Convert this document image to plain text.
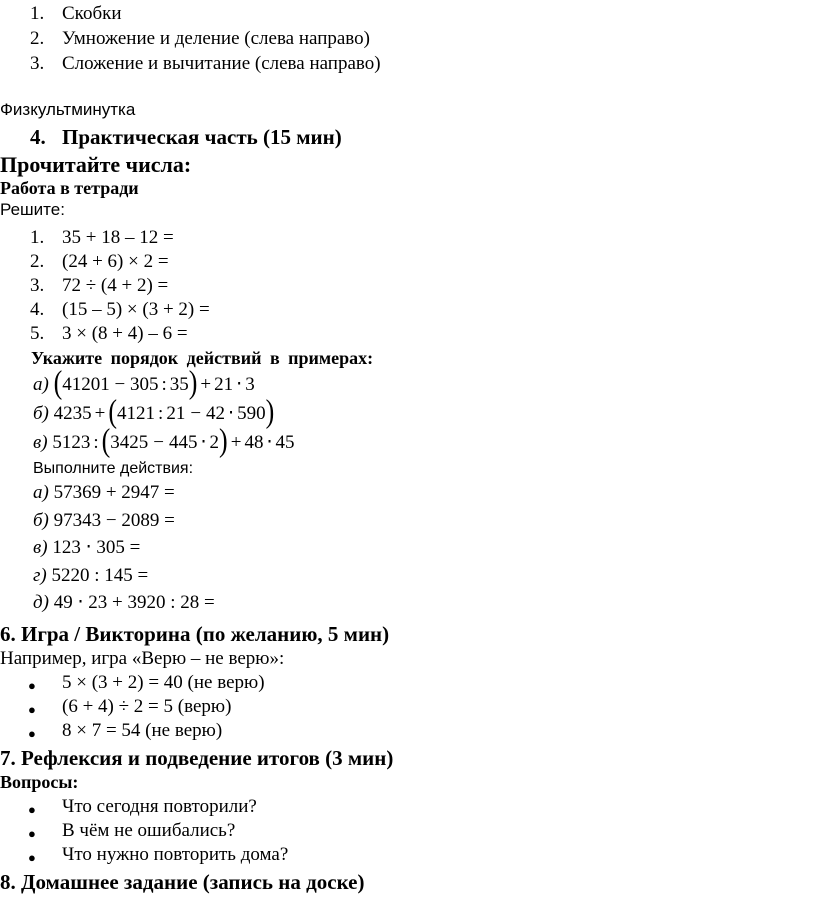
1. Скобки
2. Умножение и деление (слева направо)
3. Сложение и вычитание (слева направо)
Физкультминутка
4. Практическая часть (15 мин)
Прочитайте числа:
Работа в тетради
Решите:
1. 35 + 18 – 12 =
2. (24 + 6) × 2 =
3. 72 ÷ (4 + 2) =
4. (15 – 5) × (3 + 2) =
5. 3 × (8 + 4) – 6 =
Укажите порядок действий в примерах:
а) (41201 − 305 : 35) + 21 ⋅ 3
б) 4235 + (4121 : 21 − 42 ⋅ 590)
в) 5123 : (3425 − 445 ⋅ 2) + 48 ⋅ 45
Выполните действия:
а) 57369 + 2947 =
б) 97343 − 2089 =
в) 123 ⋅ 305 =
г) 5220 : 145 =
д) 49 ⋅ 23 + 3920 : 28 =
6. Игра / Викторина (по желанию, 5 мин)
Например, игра «Верю – не верю»:
● 5 × (3 + 2) = 40 (не верю)
● (6 + 4) ÷ 2 = 5 (верю)
● 8 × 7 = 54 (не верю)
7. Рефлексия и подведение итогов (3 мин)
Вопросы:
● Что сегодня повторили?
● В чём не ошибались?
● Что нужно повторить дома?
8. Домашнее задание (запись на доске)
